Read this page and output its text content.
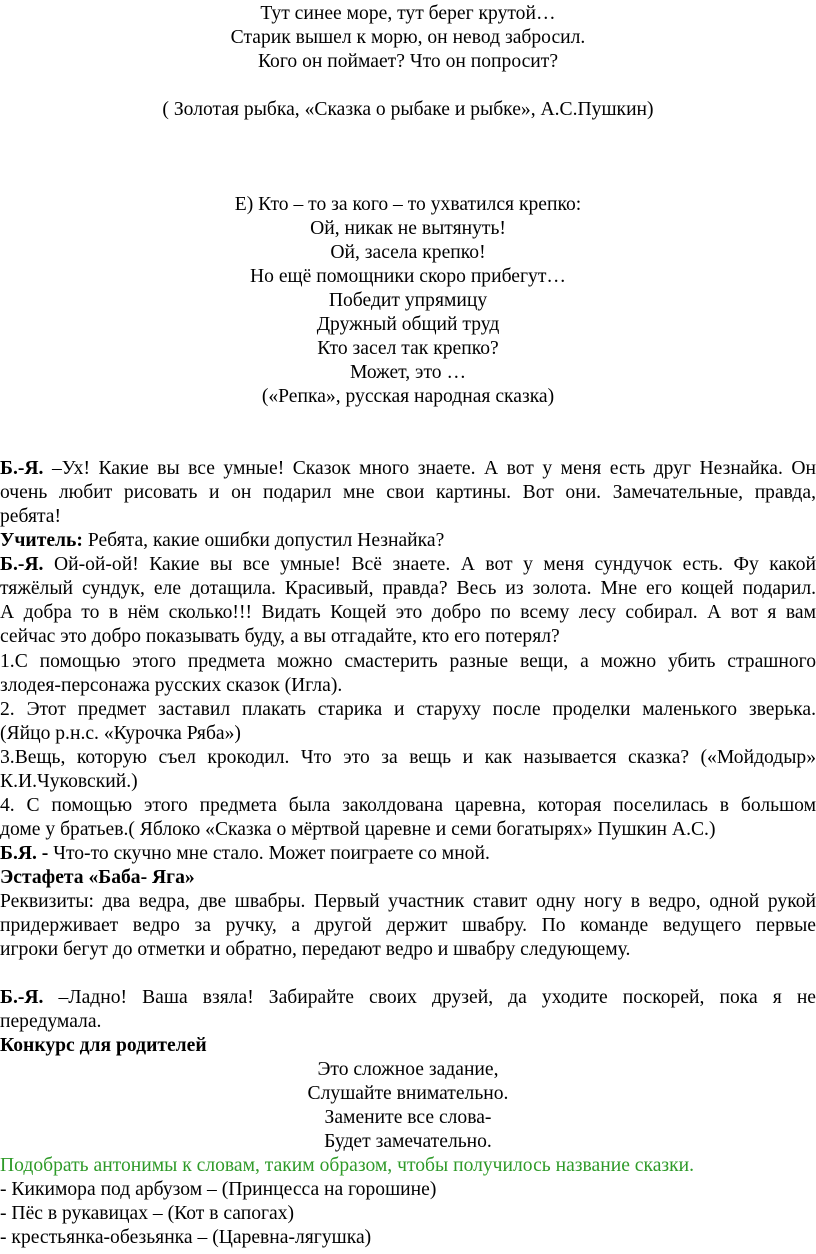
Тут синее море, тут берег крутой…
Старик вышел к морю, он невод забросил.
Кого он поймает? Что он попросит?
( Золотая рыбка, «Сказка о рыбаке и рыбке», А.С.Пушкин)
Е) Кто – то за кого – то ухватился крепко:
Ой, никак не вытянуть!
Ой, засела крепко!
Но ещё помощники скоро прибегут…
Победит упрямицу
Дружный общий труд
Кто засел так крепко?
Может, это …
(«Репка», русская народная сказка)
Б.-Я. –Ух! Какие вы все умные! Сказок много знаете. А вот у меня есть друг Незнайка. Он
очень любит рисовать и он подарил мне свои картины. Вот они. Замечательные, правда,
ребята!
Учитель: Ребята, какие ошибки допустил Незнайка?
Б.-Я. Ой-ой-ой! Какие вы все умные! Всё знаете. А вот у меня сундучок есть. Фу какой
тяжёлый сундук, еле дотащила. Красивый, правда? Весь из золота. Мне его кощей подарил.
А добра то в нём сколько!!! Видать Кощей это добро по всему лесу собирал. А вот я вам
сейчас это добро показывать буду, а вы отгадайте, кто его потерял?
1.С помощью этого предмета можно смастерить разные вещи, а можно убить страшного
злодея-персонажа русских сказок (Игла).
2. Этот предмет заставил плакать старика и старуху после проделки маленького зверька.
(Яйцо р.н.с. «Курочка Ряба»)
3.Вещь, которую съел крокодил. Что это за вещь и как называется сказка? («Мойдодыр»
К.И.Чуковский.)
4. С помощью этого предмета была заколдована царевна, которая поселилась в большом
доме у братьев.( Яблоко «Сказка о мёртвой царевне и семи богатырях» Пушкин А.С.)
Б.Я. - Что-то скучно мне стало. Может поиграете со мной.
Эстафета «Баба- Яга»
Реквизиты: два ведра, две швабры. Первый участник ставит одну ногу в ведро, одной рукой
придерживает ведро за ручку, а другой держит швабру. По команде ведущего первые
игроки бегут до отметки и обратно, передают ведро и швабру следующему.
Б.-Я. –Ладно! Ваша взяла! Забирайте своих друзей, да уходите поскорей, пока я не
передумала.
Конкурс для родителей
Это сложное задание,
Слушайте внимательно.
Замените все слова-
Будет замечательно.
Подобрать антонимы к словам, таким образом, чтобы получилось название сказки.
- Кикимора под арбузом – (Принцесса на горошине)
- Пёс в рукавицах – (Кот в сапогах)
- крестьянка-обезьянка – (Царевна-лягушка)
